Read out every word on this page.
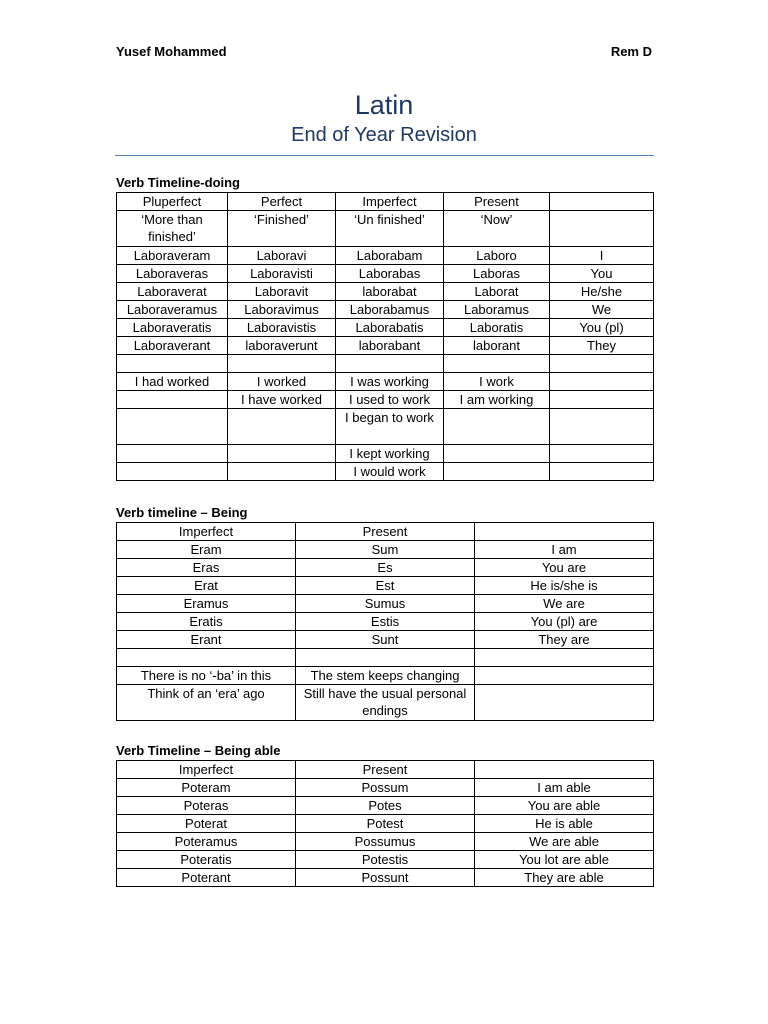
Yusef Mohammed	Rem D
Latin
End of Year Revision
Verb Timeline-doing
Pluperfect	Perfect	Imperfect	Present	
‘More than finished’	‘Finished’	‘Un finished’	‘Now’	
Laboraveram	Laboravi	Laborabam	Laboro	I
Laboraveras	Laboravisti	Laborabas	Laboras	You
Laboraverat	Laboravit	laborabat	Laborat	He/she
Laboraveramus	Laboravimus	Laborabamus	Laboramus	We
Laboraveratis	Laboravistis	Laborabatis	Laboratis	You (pl)
Laboraverant	laboraverunt	laborabant	laborant	They

I had worked	I worked	I was working	I work	
	I have worked	I used to work	I am working	
		I began to work		
		I kept working		
		I would work		
Verb timeline – Being
Imperfect	Present	
Eram	Sum	I am
Eras	Es	You are
Erat	Est	He is/she is
Eramus	Sumus	We are
Eratis	Estis	You (pl) are
Erant	Sunt	They are

There is no ‘-ba’ in this	The stem keeps changing	
Think of an ‘era’ ago	Still have the usual personal endings	
Verb Timeline – Being able
Imperfect	Present	
Poteram	Possum	I am able
Poteras	Potes	You are able
Poterat	Potest	He is able
Poteramus	Possumus	We are able
Poteratis	Potestis	You lot are able
Poterant	Possunt	They are able
